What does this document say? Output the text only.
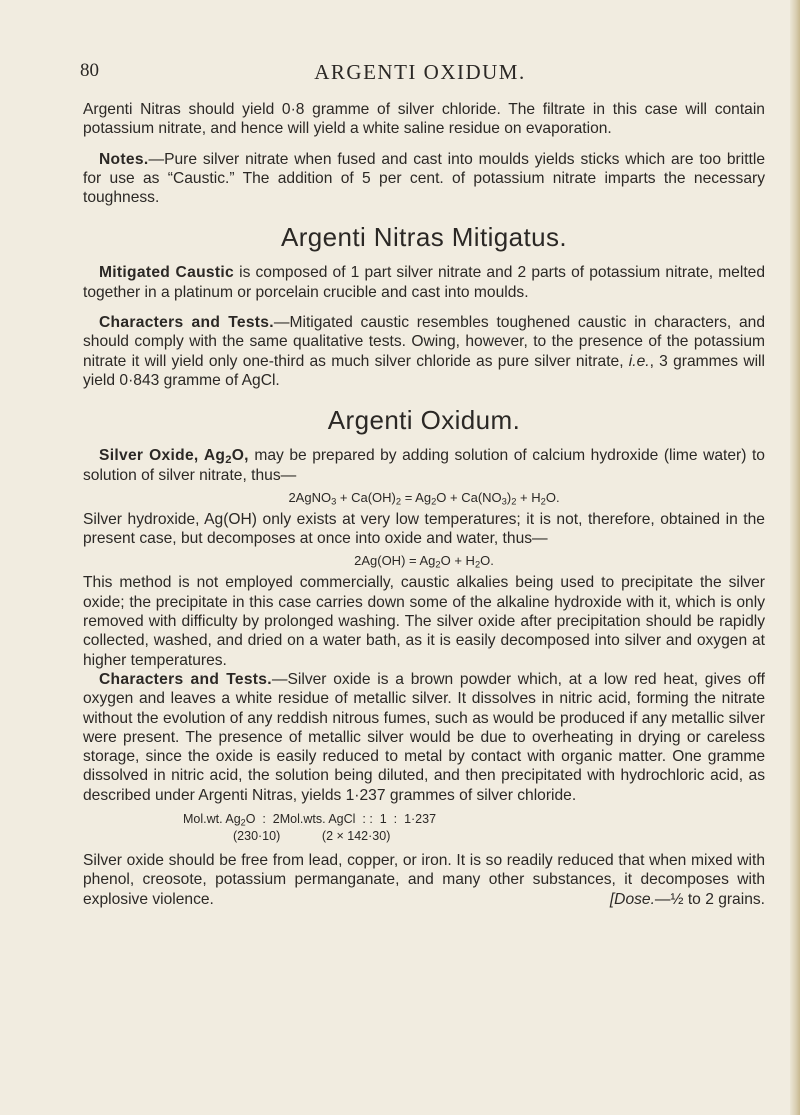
80	ARGENTI OXIDUM.

Argenti Nitras should yield 0·8 gramme of silver chloride. The filtrate in this case will contain potassium nitrate, and hence will yield a white saline residue on evaporation.

Notes.—Pure silver nitrate when fused and cast into moulds yields sticks which are too brittle for use as “Caustic.” The addition of 5 per cent. of potassium nitrate imparts the necessary toughness.

Argenti Nitras Mitigatus.

Mitigated Caustic is composed of 1 part silver nitrate and 2 parts of potassium nitrate, melted together in a platinum or porcelain crucible and cast into moulds.

Characters and Tests.—Mitigated caustic resembles toughened caustic in characters, and should comply with the same qualitative tests. Owing, however, to the presence of the potassium nitrate it will yield only one-third as much silver chloride as pure silver nitrate, i.e., 3 grammes will yield 0·843 gramme of AgCl.

Argenti Oxidum.

Silver Oxide, $Ag_2O$, may be prepared by adding solution of calcium hydroxide (lime water) to solution of silver nitrate, thus—

2AgNO$_3$ + $Ca(OH)_2 = Ag_2O + Ca(NO_3)_2 + H_2O$.

Silver hydroxide, Ag(OH) only exists at very low temperatures; it is not, therefore, obtained in the present case, but decomposes at once into oxide and water, thus—

$2Ag(OH) = Ag_2O + H_2O$.

This method is not employed commercially, caustic alkalies being used to precipitate the silver oxide; the precipitate in this case carries down some of the alkaline hydroxide with it, which is only removed with difficulty by prolonged washing. The silver oxide after precipitation should be rapidly collected, washed, and dried on a water bath, as it is easily decomposed into silver and oxygen at higher temperatures.

Characters and Tests.—Silver oxide is a brown powder which, at a low red heat, gives off oxygen and leaves a white residue of metallic silver. It dissolves in nitric acid, forming the nitrate without the evolution of any reddish nitrous fumes, such as would be produced if any metallic silver were present. The presence of metallic silver would be due to overheating in drying or careless storage, since the oxide is easily reduced to metal by contact with organic matter. One gramme dissolved in nitric acid, the solution being diluted, and then precipitated with hydrochloric acid, as described under Argenti Nitras, yields 1·237 grammes of silver chloride.

Mol.wt. $Ag_2O$  :  2Mol.wts. AgCl  : :  1  :  1·237
(230·10)            (2 × 142·30)

Silver oxide should be free from lead, copper, or iron. It is so readily reduced that when mixed with phenol, creosote, potassium permanganate, and many other substances, it decomposes with explosive violence.	[Dose.—½ to 2 grains.
